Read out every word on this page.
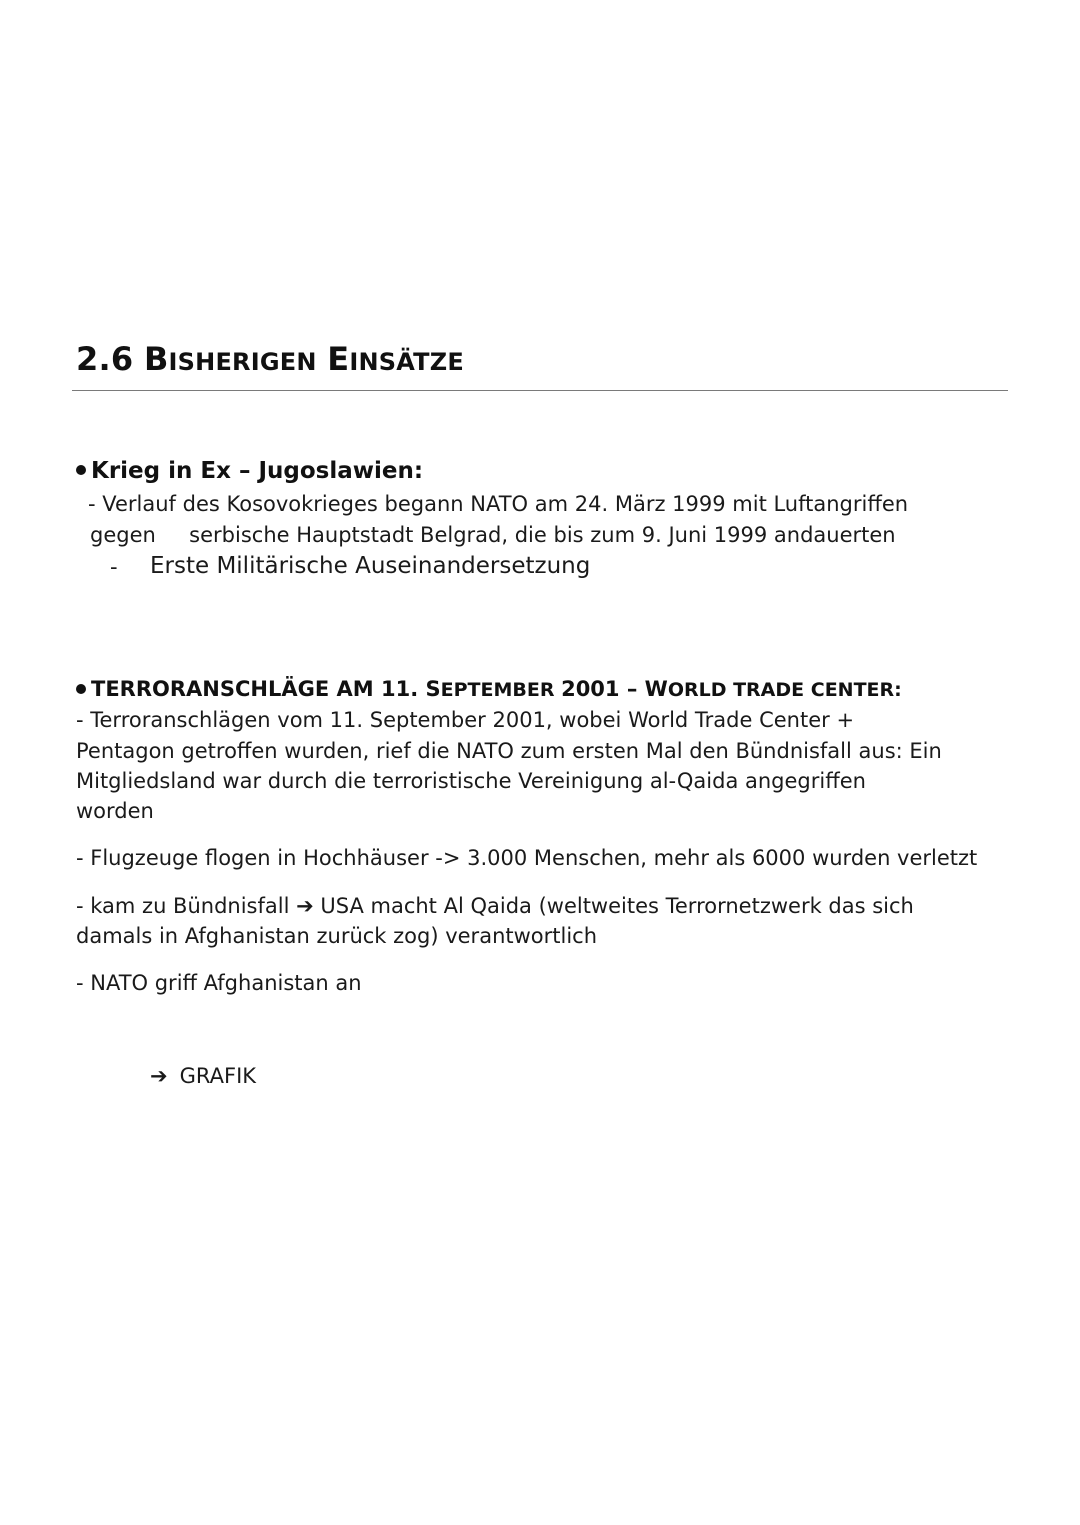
2.6 BISHERIGEN EINSÄTZE
Krieg in Ex – Jugoslawien:
- Verlauf des Kosovokrieges begann NATO am 24. März 1999 mit Luftangriffen
gegen     serbische Hauptstadt Belgrad, die bis zum 9. Juni 1999 andauerten
- Erste Militärische Auseinandersetzung
TERRORANSCHLÄGE AM 11. SEPTEMBER 2001 – WORLD TRADE CENTER:
- Terroranschlägen vom 11. September 2001, wobei World Trade Center +
Pentagon getroffen wurden, rief die NATO zum ersten Mal den Bündnisfall aus: Ein
Mitgliedsland war durch die terroristische Vereinigung al-Qaida angegriffen
worden
- Flugzeuge flogen in Hochhäuser -> 3.000 Menschen, mehr als 6000 wurden verletzt
- kam zu Bündnisfall ➔ USA macht Al Qaida (weltweites Terrornetzwerk das sich
damals in Afghanistan zurück zog) verantwortlich
- NATO griff Afghanistan an
➔ GRAFIK
